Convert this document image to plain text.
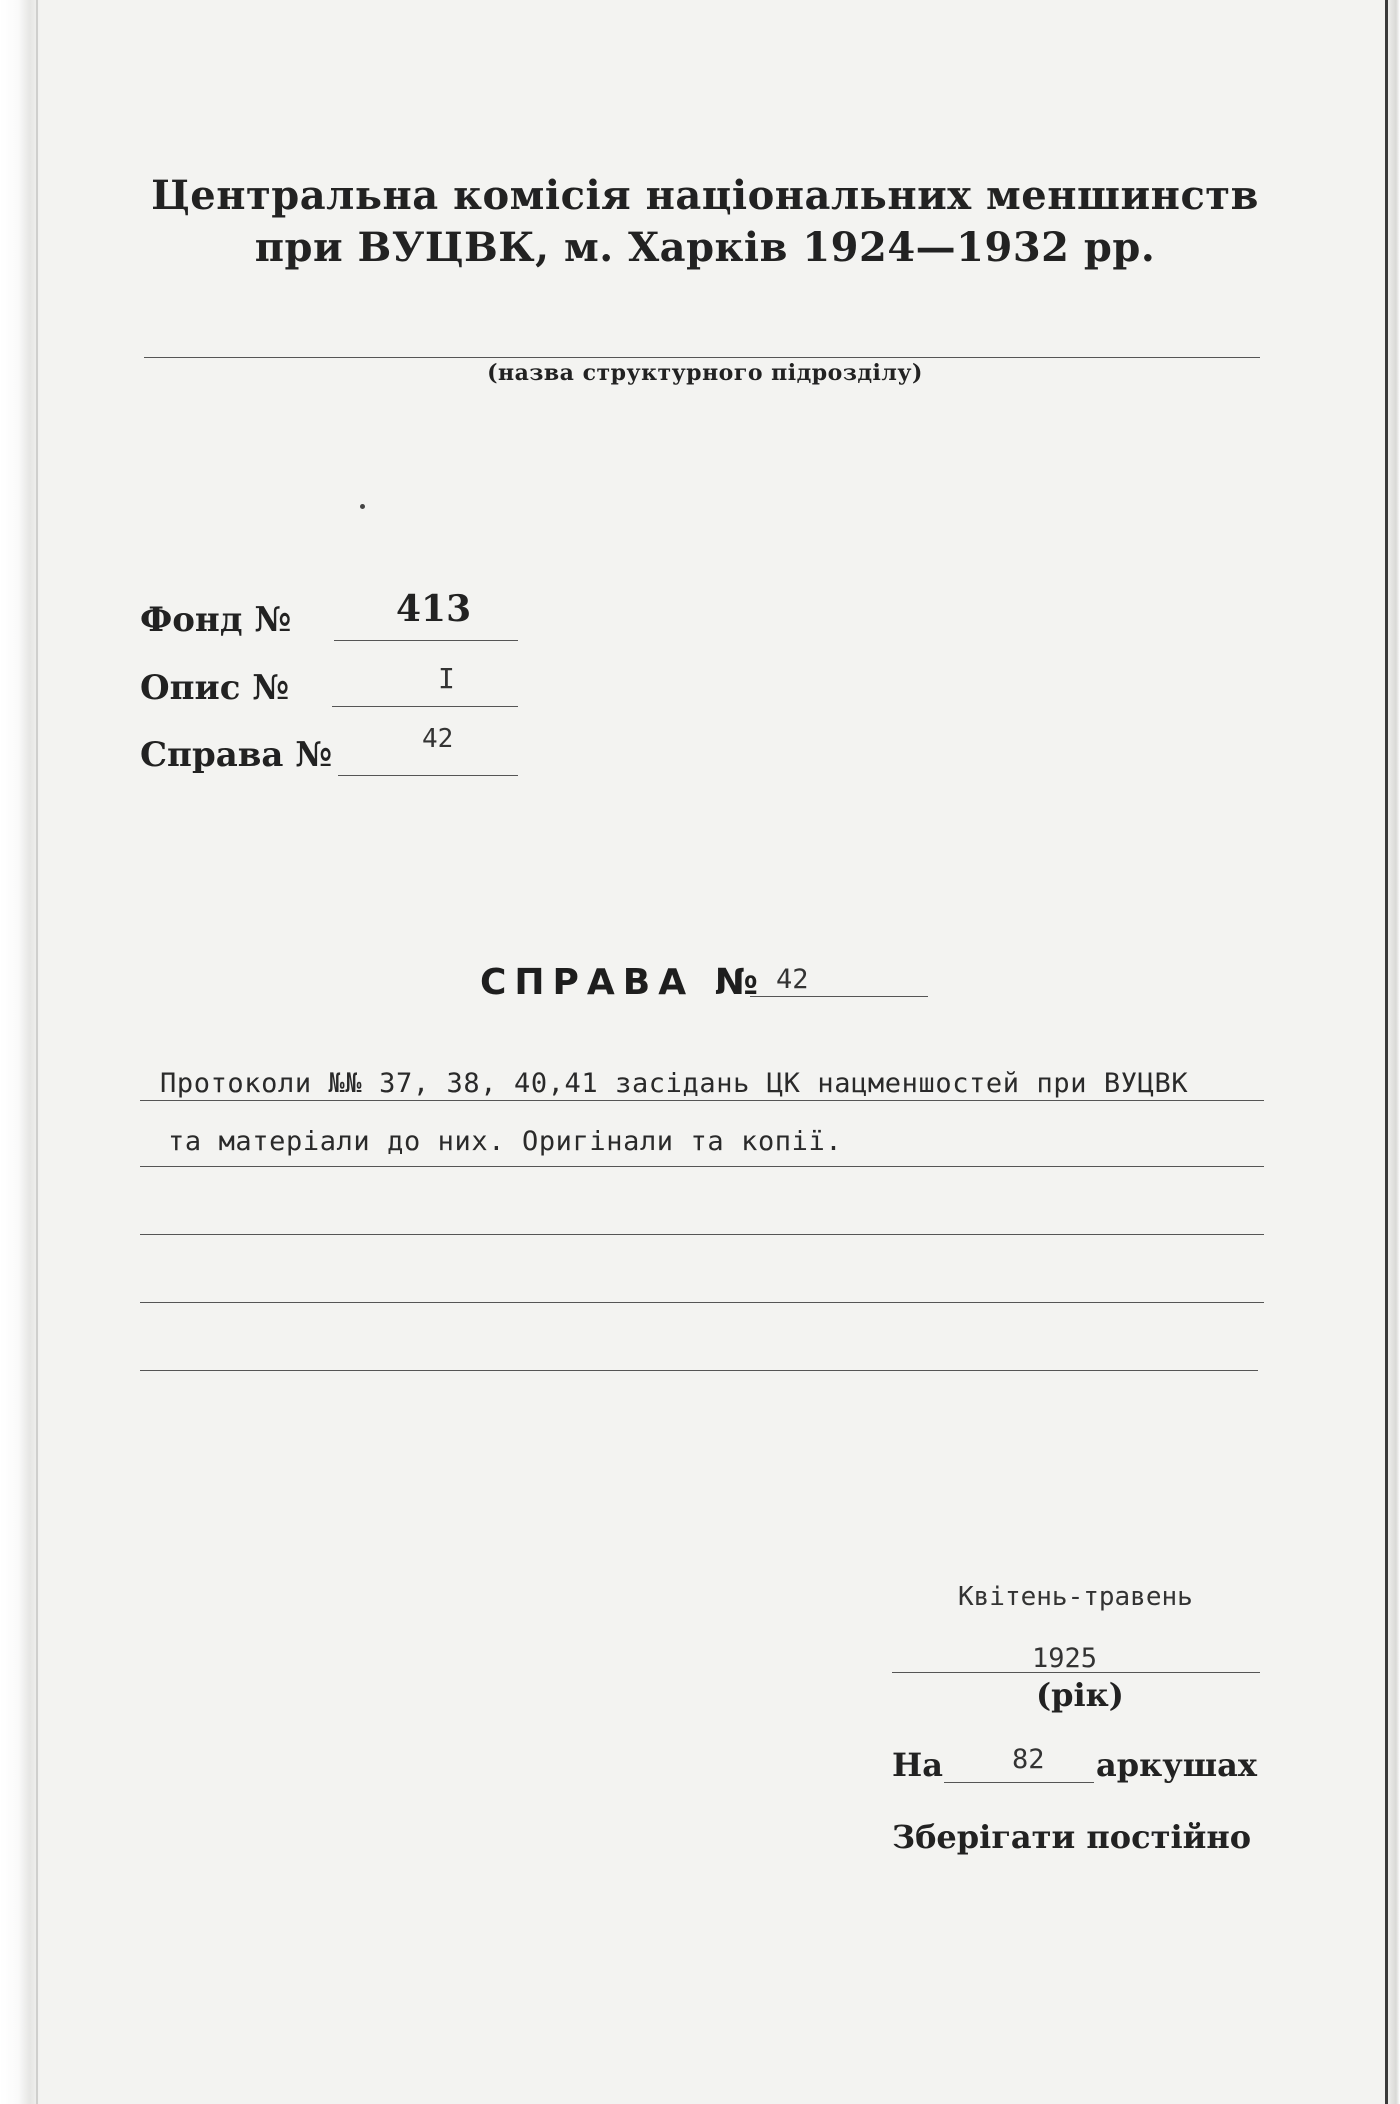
Центральна комісія національних меншинств
при ВУЦВК, м. Харків 1924—1932 рр.
(назва структурного підрозділу)
Фонд №	413
Опис №	I
Справа №	42
СПРАВА № 42
Протоколи №№ 37, 38, 40,41 засідань ЦК нацменшостей при ВУЦВК
та матеріали до них. Оригінали та копії.
Квітень-травень
1925
(рік)
На	82 аркушах
Зберігати постійно
